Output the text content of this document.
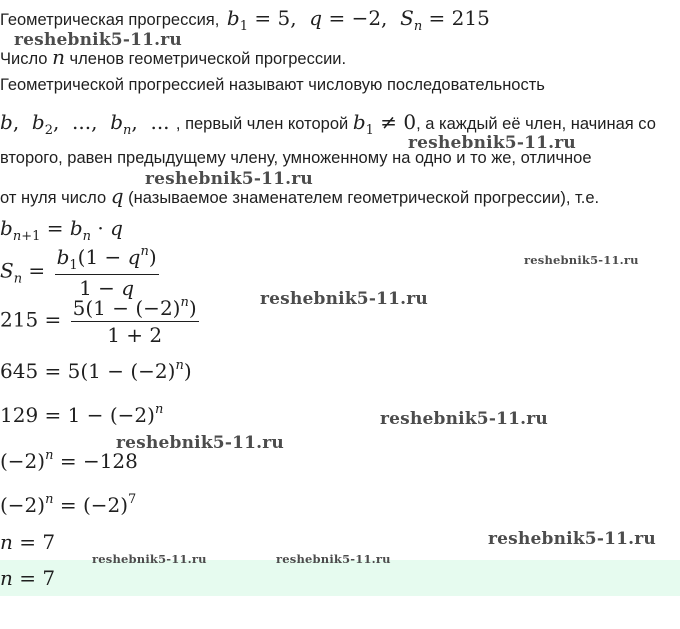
Геометрическая прогрессия, $b_1 = 5$,  q = −2,  $S_n = 215$
Число n членов геометрической прогрессии.
Геометрической прогрессией называют числовую последовательность
b,  $b_2$,  ...,  $b_n$,  ... , первый член которой $b_1 \ne 0$, а каждый её член, начиная со
второго, равен предыдущему члену, умноженному на одно и то же, отличное
от нуля число q (называемое знаменателем геометрической прогрессии), т.е.
$b_{n+1} = b_n \cdot q$
$S_n = \frac{b_1(1 - q^n)}{1 - q}$
$215 = \frac{5(1 - (-2)^n)}{1 + 2}$
$645 = 5(1 - (-2)^n)$
$129 = 1 - (-2)^n$
$(-2)^n = -128$
$(-2)^n = (-2)^7$
n = 7
n = 7
reshebnik5-11.ru
reshebnik5-11.ru
reshebnik5-11.ru
reshebnik5-11.ru
reshebnik5-11.ru
reshebnik5-11.ru
reshebnik5-11.ru
reshebnik5-11.ru
reshebnik5-11.ru	reshebnik5-11.ru
